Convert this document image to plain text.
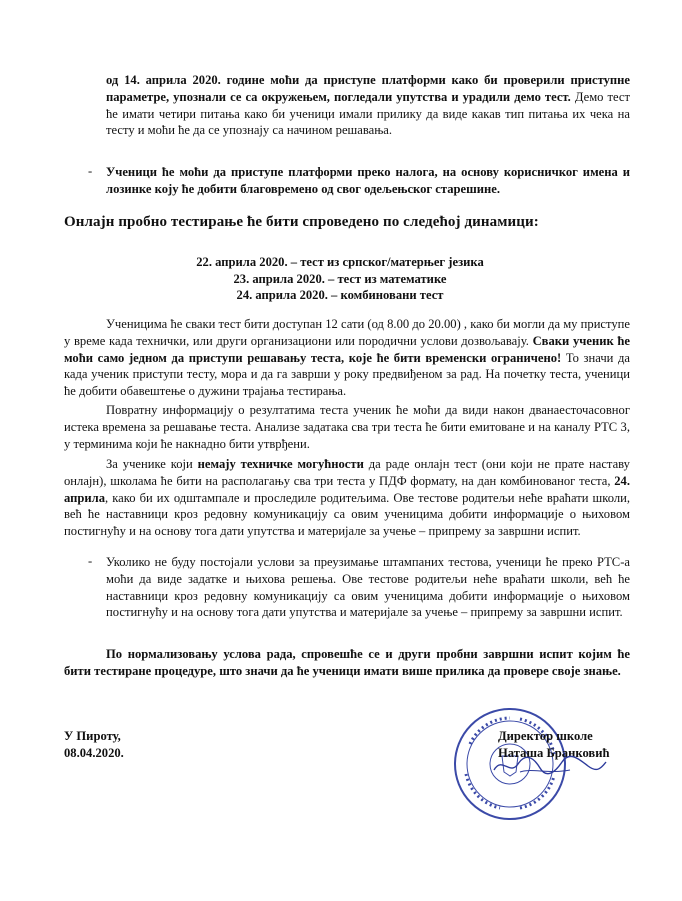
од 14. априла 2020. године моћи да приступе платформи како би проверили приступне параметре, упознали се са окружењем, погледали упутства и урадили демо тест. Демо тест ће имати четири питања како би ученици имали прилику да виде какав тип питања их чека на тесту и моћи ће да се упознају са начином решавања.

- Ученици ће моћи да приступе платформи преко налога, на основу корисничког имена и лозинке коју ће добити благовремено од свог одељењског старешине.

Онлајн пробно тестирање ће бити спроведено по следећој динамици:
22. априла 2020. – тест из српског/матерњег језика
23. априла 2020. – тест из математике
24. априла 2020. – комбиновани тест

Ученицима ће сваки тест бити доступан 12 сати (од 8.00 до 20.00) , како би могли да му приступе у време када технички, или други организациони или породични услови дозвољавају. Сваки ученик ће моћи само једном да приступи решавању теста, које ће бити временски ограничено! То значи да када ученик приступи тесту, мора и да га заврши у року предвиђеном за рад. На почетку теста, ученици ће добити обавештење о дужини трајања тестирања.

Повратну информацију о резултатима теста ученик ће моћи да види након дванаесточасовног истека времена за решавање теста. Анализе задатака сва три теста ће бити емитоване и на каналу РТС 3, у терминима који ће накнадно бити утврђени.

За ученике који немају техничке могућности да раде онлајн тест (они који не прате наставу онлајн), школама ће бити на располагању сва три теста у ПДФ формату, на дан комбинованог теста, 24. априла, како би их одштампале и проследиле родитељима. Ове тестове родитељи неће враћати школи, већ ће наставници кроз редовну комуникацију са овим ученицима добити информације о њиховом постигнућу и на основу тога дати упутства и материјале за учење – припрему за завршни испит.

- Уколико не буду постојали услови за преузимање штампаних тестова, ученици ће преко РТС-а моћи да виде задатке и њихова решења. Ове тестове родитељи неће враћати школи, већ ће наставници кроз редовну комуникацију са овим ученицима добити информације о њиховом постигнућу и на основу тога дати упутства и материјале за учење – припрему за завршни испит.

По нормализовању услова рада, спровешће се и други пробни завршни испит којим ће бити тестиране процедуре, што значи да ће ученици имати више прилика да провере своје знање.

У Пироту,
08.04.2020.
Директор школе
Наташа Бранковић
